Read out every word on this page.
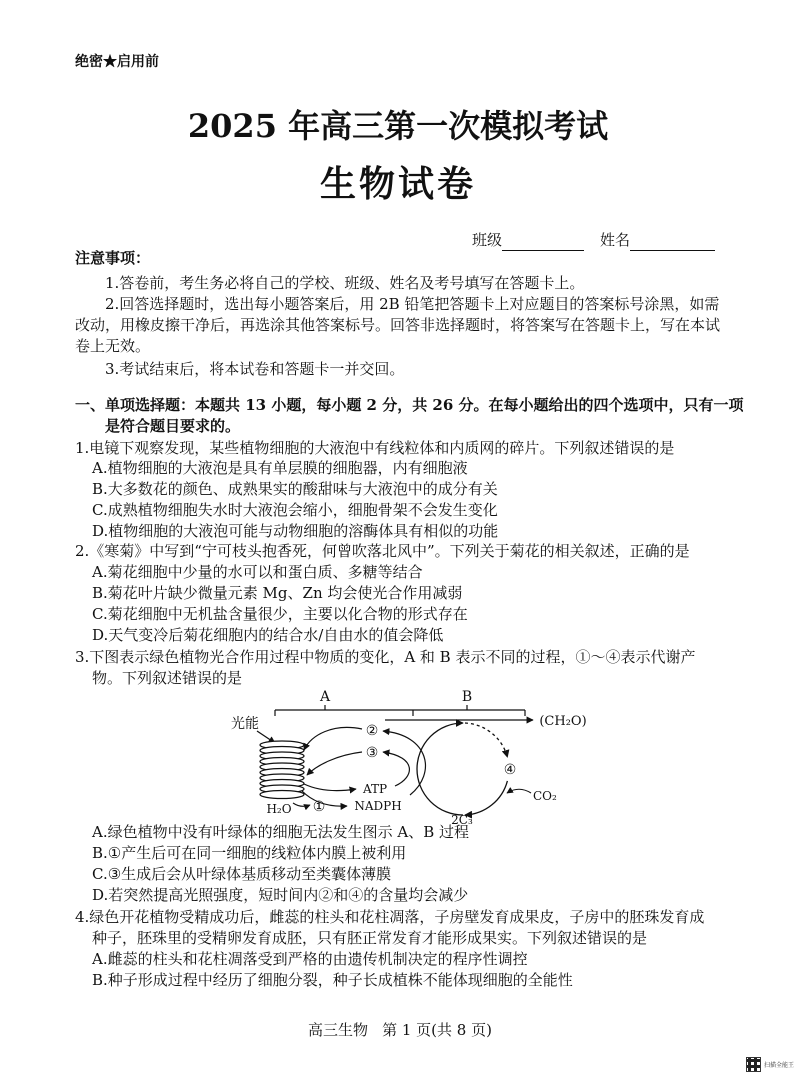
绝密★启用前
2025 年高三第一次模拟考试
生物试卷
班级	姓名
注意事项：
1.答卷前，考生务必将自己的学校、班级、姓名及考号填写在答题卡上。
2.回答选择题时，选出每小题答案后，用 2B 铅笔把答题卡上对应题目的答案标号涂黑，如需
改动，用橡皮擦干净后，再选涂其他答案标号。回答非选择题时，将答案写在答题卡上，写在本试
卷上无效。
3.考试结束后，将本试卷和答题卡一并交回。
一、单项选择题：本题共 13 小题，每小题 2 分，共 26 分。在每小题给出的四个选项中，只有一项
是符合题目要求的。
1.电镜下观察发现，某些植物细胞的大液泡中有线粒体和内质网的碎片。下列叙述错误的是
A.植物细胞的大液泡是具有单层膜的细胞器，内有细胞液
B.大多数花的颜色、成熟果实的酸甜味与大液泡中的成分有关
C.成熟植物细胞失水时大液泡会缩小，细胞骨架不会发生变化
D.植物细胞的大液泡可能与动物细胞的溶酶体具有相似的功能
2.《寒菊》中写到“宁可枝头抱香死，何曾吹落北风中”。下列关于菊花的相关叙述，正确的是
A.菊花细胞中少量的水可以和蛋白质、多糖等结合
B.菊花叶片缺少微量元素 Mg、Zn 均会使光合作用减弱
C.菊花细胞中无机盐含量很少，主要以化合物的形式存在
D.天气变冷后菊花细胞内的结合水/自由水的值会降低
3.下图表示绿色植物光合作用过程中物质的变化，A 和 B 表示不同的过程，①～④表示代谢产
物。下列叙述错误的是
A	B
光能
H₂O ①
②
③
ATP
NADPH
(CH₂O)
④
CO₂
2C₃
A.绿色植物中没有叶绿体的细胞无法发生图示 A、B 过程
B.①产生后可在同一细胞的线粒体内膜上被利用
C.③生成后会从叶绿体基质移动至类囊体薄膜
D.若突然提高光照强度，短时间内②和④的含量均会减少
4.绿色开花植物受精成功后，雌蕊的柱头和花柱凋落，子房壁发育成果皮，子房中的胚珠发育成
种子，胚珠里的受精卵发育成胚，只有胚正常发育才能形成果实。下列叙述错误的是
A.雌蕊的柱头和花柱凋落受到严格的由遗传机制决定的程序性调控
B.种子形成过程中经历了细胞分裂，种子长成植株不能体现细胞的全能性
高三生物 第 1 页(共 8 页)
扫描全能王
